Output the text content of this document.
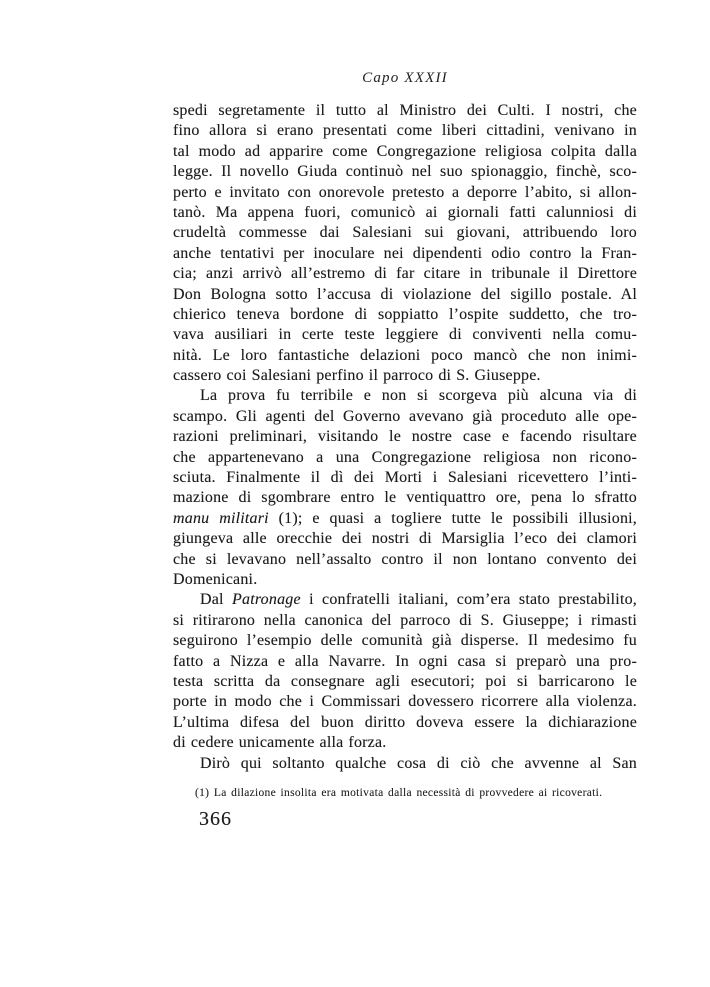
Capo XXXII
spedi segretamente il tutto al Ministro dei Culti. I nostri, che
fino allora si erano presentati come liberi cittadini, venivano in
tal modo ad apparire come Congregazione religiosa colpita dalla
legge. Il novello Giuda continuò nel suo spionaggio, finchè, sco-
perto e invitato con onorevole pretesto a deporre l’abito, si allon-
tanò. Ma appena fuori, comunicò ai giornali fatti calunniosi di
crudeltà commesse dai Salesiani sui giovani, attribuendo loro
anche tentativi per inoculare nei dipendenti odio contro la Fran-
cia; anzi arrivò all’estremo di far citare in tribunale il Direttore
Don Bologna sotto l’accusa di violazione del sigillo postale. Al
chierico teneva bordone di soppiatto l’ospite suddetto, che tro-
vava ausiliari in certe teste leggiere di conviventi nella comu-
nità. Le loro fantastiche delazioni poco mancò che non inimi-
cassero coi Salesiani perfino il parroco di S. Giuseppe.
La prova fu terribile e non si scorgeva più alcuna via di
scampo. Gli agenti del Governo avevano già proceduto alle ope-
razioni preliminari, visitando le nostre case e facendo risultare
che appartenevano a una Congregazione religiosa non ricono-
sciuta. Finalmente il dì dei Morti i Salesiani ricevettero l’inti-
mazione di sgombrare entro le ventiquattro ore, pena lo sfratto
manu militari (1); e quasi a togliere tutte le possibili illusioni,
giungeva alle orecchie dei nostri di Marsiglia l’eco dei clamori
che si levavano nell’assalto contro il non lontano convento dei
Domenicani.
Dal Patronage i confratelli italiani, com’era stato prestabilito,
si ritirarono nella canonica del parroco di S. Giuseppe; i rimasti
seguirono l’esempio delle comunità già disperse. Il medesimo fu
fatto a Nizza e alla Navarre. In ogni casa si preparò una pro-
testa scritta da consegnare agli esecutori; poi si barricarono le
porte in modo che i Commissari dovessero ricorrere alla violenza.
L’ultima difesa del buon diritto doveva essere la dichiarazione
di cedere unicamente alla forza.
Dirò qui soltanto qualche cosa di ciò che avvenne al San
(1) La dilazione insolita era motivata dalla necessità di provvedere ai ricoverati.
366
